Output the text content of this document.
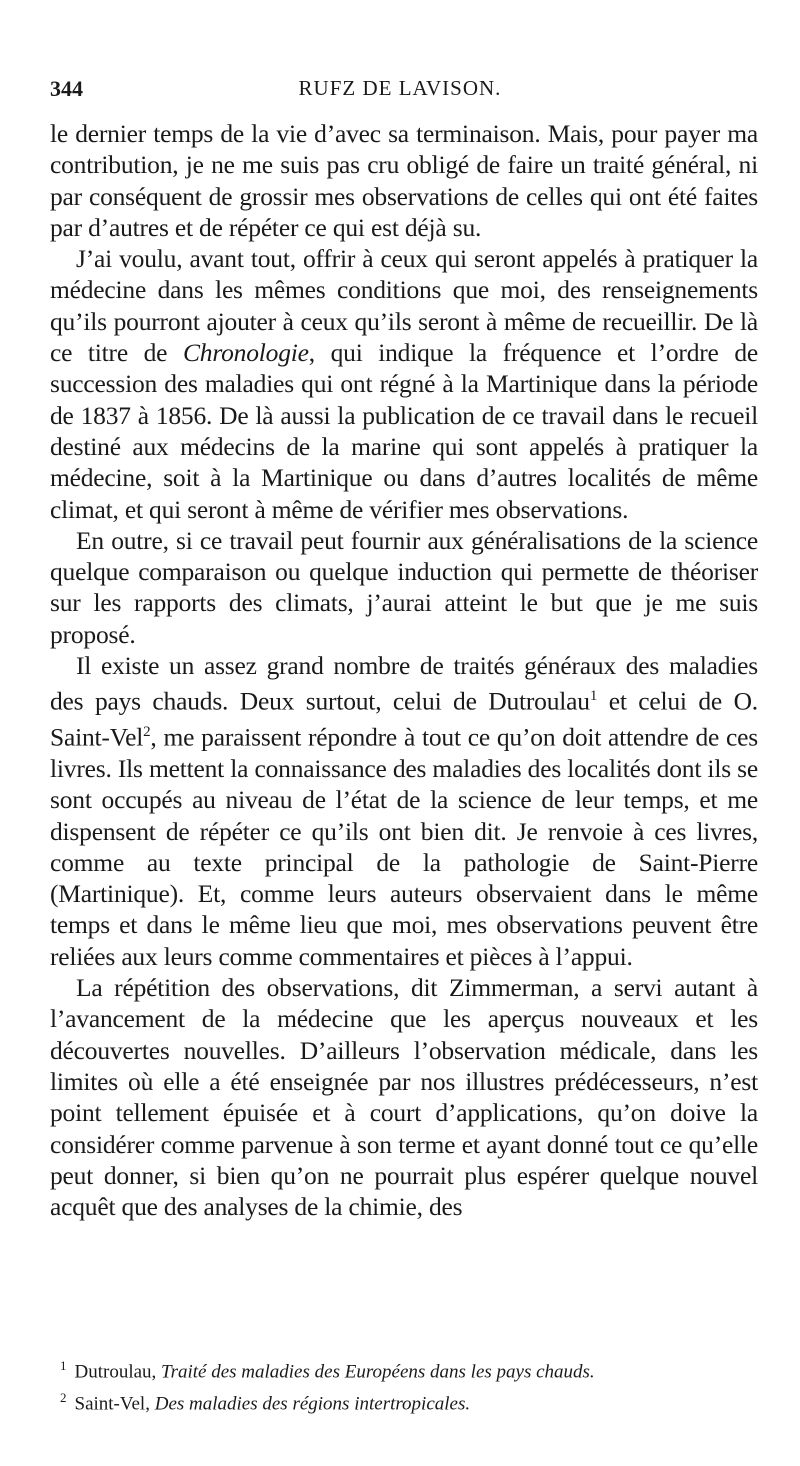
344	RUFZ DE LAVISON.

le dernier temps de la vie d’avec sa terminaison. Mais, pour payer ma contribution, je ne me suis pas cru obligé de faire un traité général, ni par conséquent de grossir mes observations de celles qui ont été faites par d’autres et de répéter ce qui est déjà su.

J’ai voulu, avant tout, offrir à ceux qui seront appelés à pratiquer la médecine dans les mêmes conditions que moi, des renseignements qu’ils pourront ajouter à ceux qu’ils seront à même de recueillir. De là ce titre de Chronologie, qui indique la fréquence et l’ordre de succession des maladies qui ont régné à la Martinique dans la période de 1837 à 1856. De là aussi la publication de ce travail dans le recueil destiné aux médecins de la marine qui sont appelés à pratiquer la médecine, soit à la Martinique ou dans d’autres localités de même climat, et qui seront à même de vérifier mes observations.

En outre, si ce travail peut fournir aux généralisations de la science quelque comparaison ou quelque induction qui permette de théoriser sur les rapports des climats, j’aurai atteint le but que je me suis proposé.

Il existe un assez grand nombre de traités généraux des maladies des pays chauds. Deux surtout, celui de Dutroulau$^1$ et celui de O. Saint-Vel$^2$, me paraissent répondre à tout ce qu’on doit attendre de ces livres. Ils mettent la connaissance des maladies des localités dont ils se sont occupés au niveau de l’état de la science de leur temps, et me dispensent de répéter ce qu’ils ont bien dit. Je renvoie à ces livres, comme au texte principal de la pathologie de Saint-Pierre (Martinique). Et, comme leurs auteurs observaient dans le même temps et dans le même lieu que moi, mes observations peuvent être reliées aux leurs comme commentaires et pièces à l’appui.

La répétition des observations, dit Zimmerman, a servi autant à l’avancement de la médecine que les aperçus nouveaux et les découvertes nouvelles. D’ailleurs l’observation médicale, dans les limites où elle a été enseignée par nos illustres prédécesseurs, n’est point tellement épuisée et à court d’applications, qu’on doive la considérer comme parvenue à son terme et ayant donné tout ce qu’elle peut donner, si bien qu’on ne pourrait plus espérer quelque nouvel acquêt que des analyses de la chimie, des

$^1$ Dutroulau, Traité des maladies des Européens dans les pays chauds.

$^2$ Saint-Vel, Des maladies des régions intertropicales.
